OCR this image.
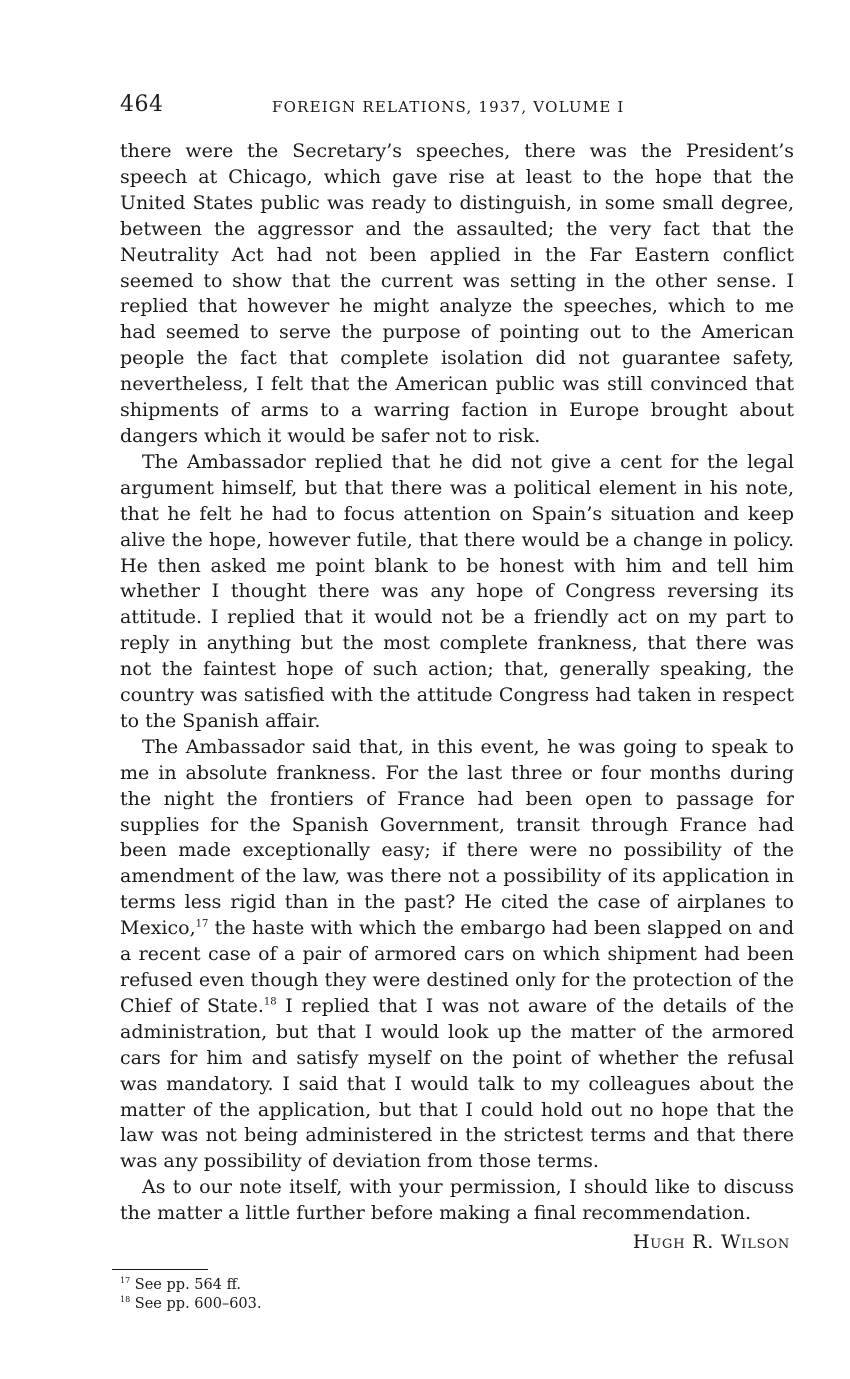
464	FOREIGN RELATIONS, 1937, VOLUME I

there were the Secretary’s speeches, there was the President’s speech at Chicago, which gave rise at least to the hope that the United States public was ready to distinguish, in some small degree, between the aggressor and the assaulted; the very fact that the Neutrality Act had not been applied in the Far Eastern conflict seemed to show that the current was setting in the other sense. I replied that however he might analyze the speeches, which to me had seemed to serve the purpose of pointing out to the American people the fact that complete isolation did not guarantee safety, nevertheless, I felt that the American public was still convinced that shipments of arms to a warring faction in Europe brought about dangers which it would be safer not to risk.

The Ambassador replied that he did not give a cent for the legal argument himself, but that there was a political element in his note, that he felt he had to focus attention on Spain’s situation and keep alive the hope, however futile, that there would be a change in policy. He then asked me point blank to be honest with him and tell him whether I thought there was any hope of Congress reversing its attitude. I replied that it would not be a friendly act on my part to reply in anything but the most complete frankness, that there was not the faintest hope of such action; that, generally speaking, the country was satisfied with the attitude Congress had taken in respect to the Spanish affair.

The Ambassador said that, in this event, he was going to speak to me in absolute frankness. For the last three or four months during the night the frontiers of France had been open to passage for supplies for the Spanish Government, transit through France had been made exceptionally easy; if there were no possibility of the amendment of the law, was there not a possibility of its application in terms less rigid than in the past? He cited the case of airplanes to Mexico,$^{17}$ the haste with which the embargo had been slapped on and a recent case of a pair of armored cars on which shipment had been refused even though they were destined only for the protection of the Chief of State.$^{18}$ I replied that I was not aware of the details of the administration, but that I would look up the matter of the armored cars for him and satisfy myself on the point of whether the refusal was mandatory. I said that I would talk to my colleagues about the matter of the application, but that I could hold out no hope that the law was not being administered in the strictest terms and that there was any possibility of deviation from those terms.

As to our note itself, with your permission, I should like to discuss the matter a little further before making a final recommendation.

Hugh R. Wilson
$^{17}$ See pp. 564 ff.
$^{18}$ See pp. 600–603.
